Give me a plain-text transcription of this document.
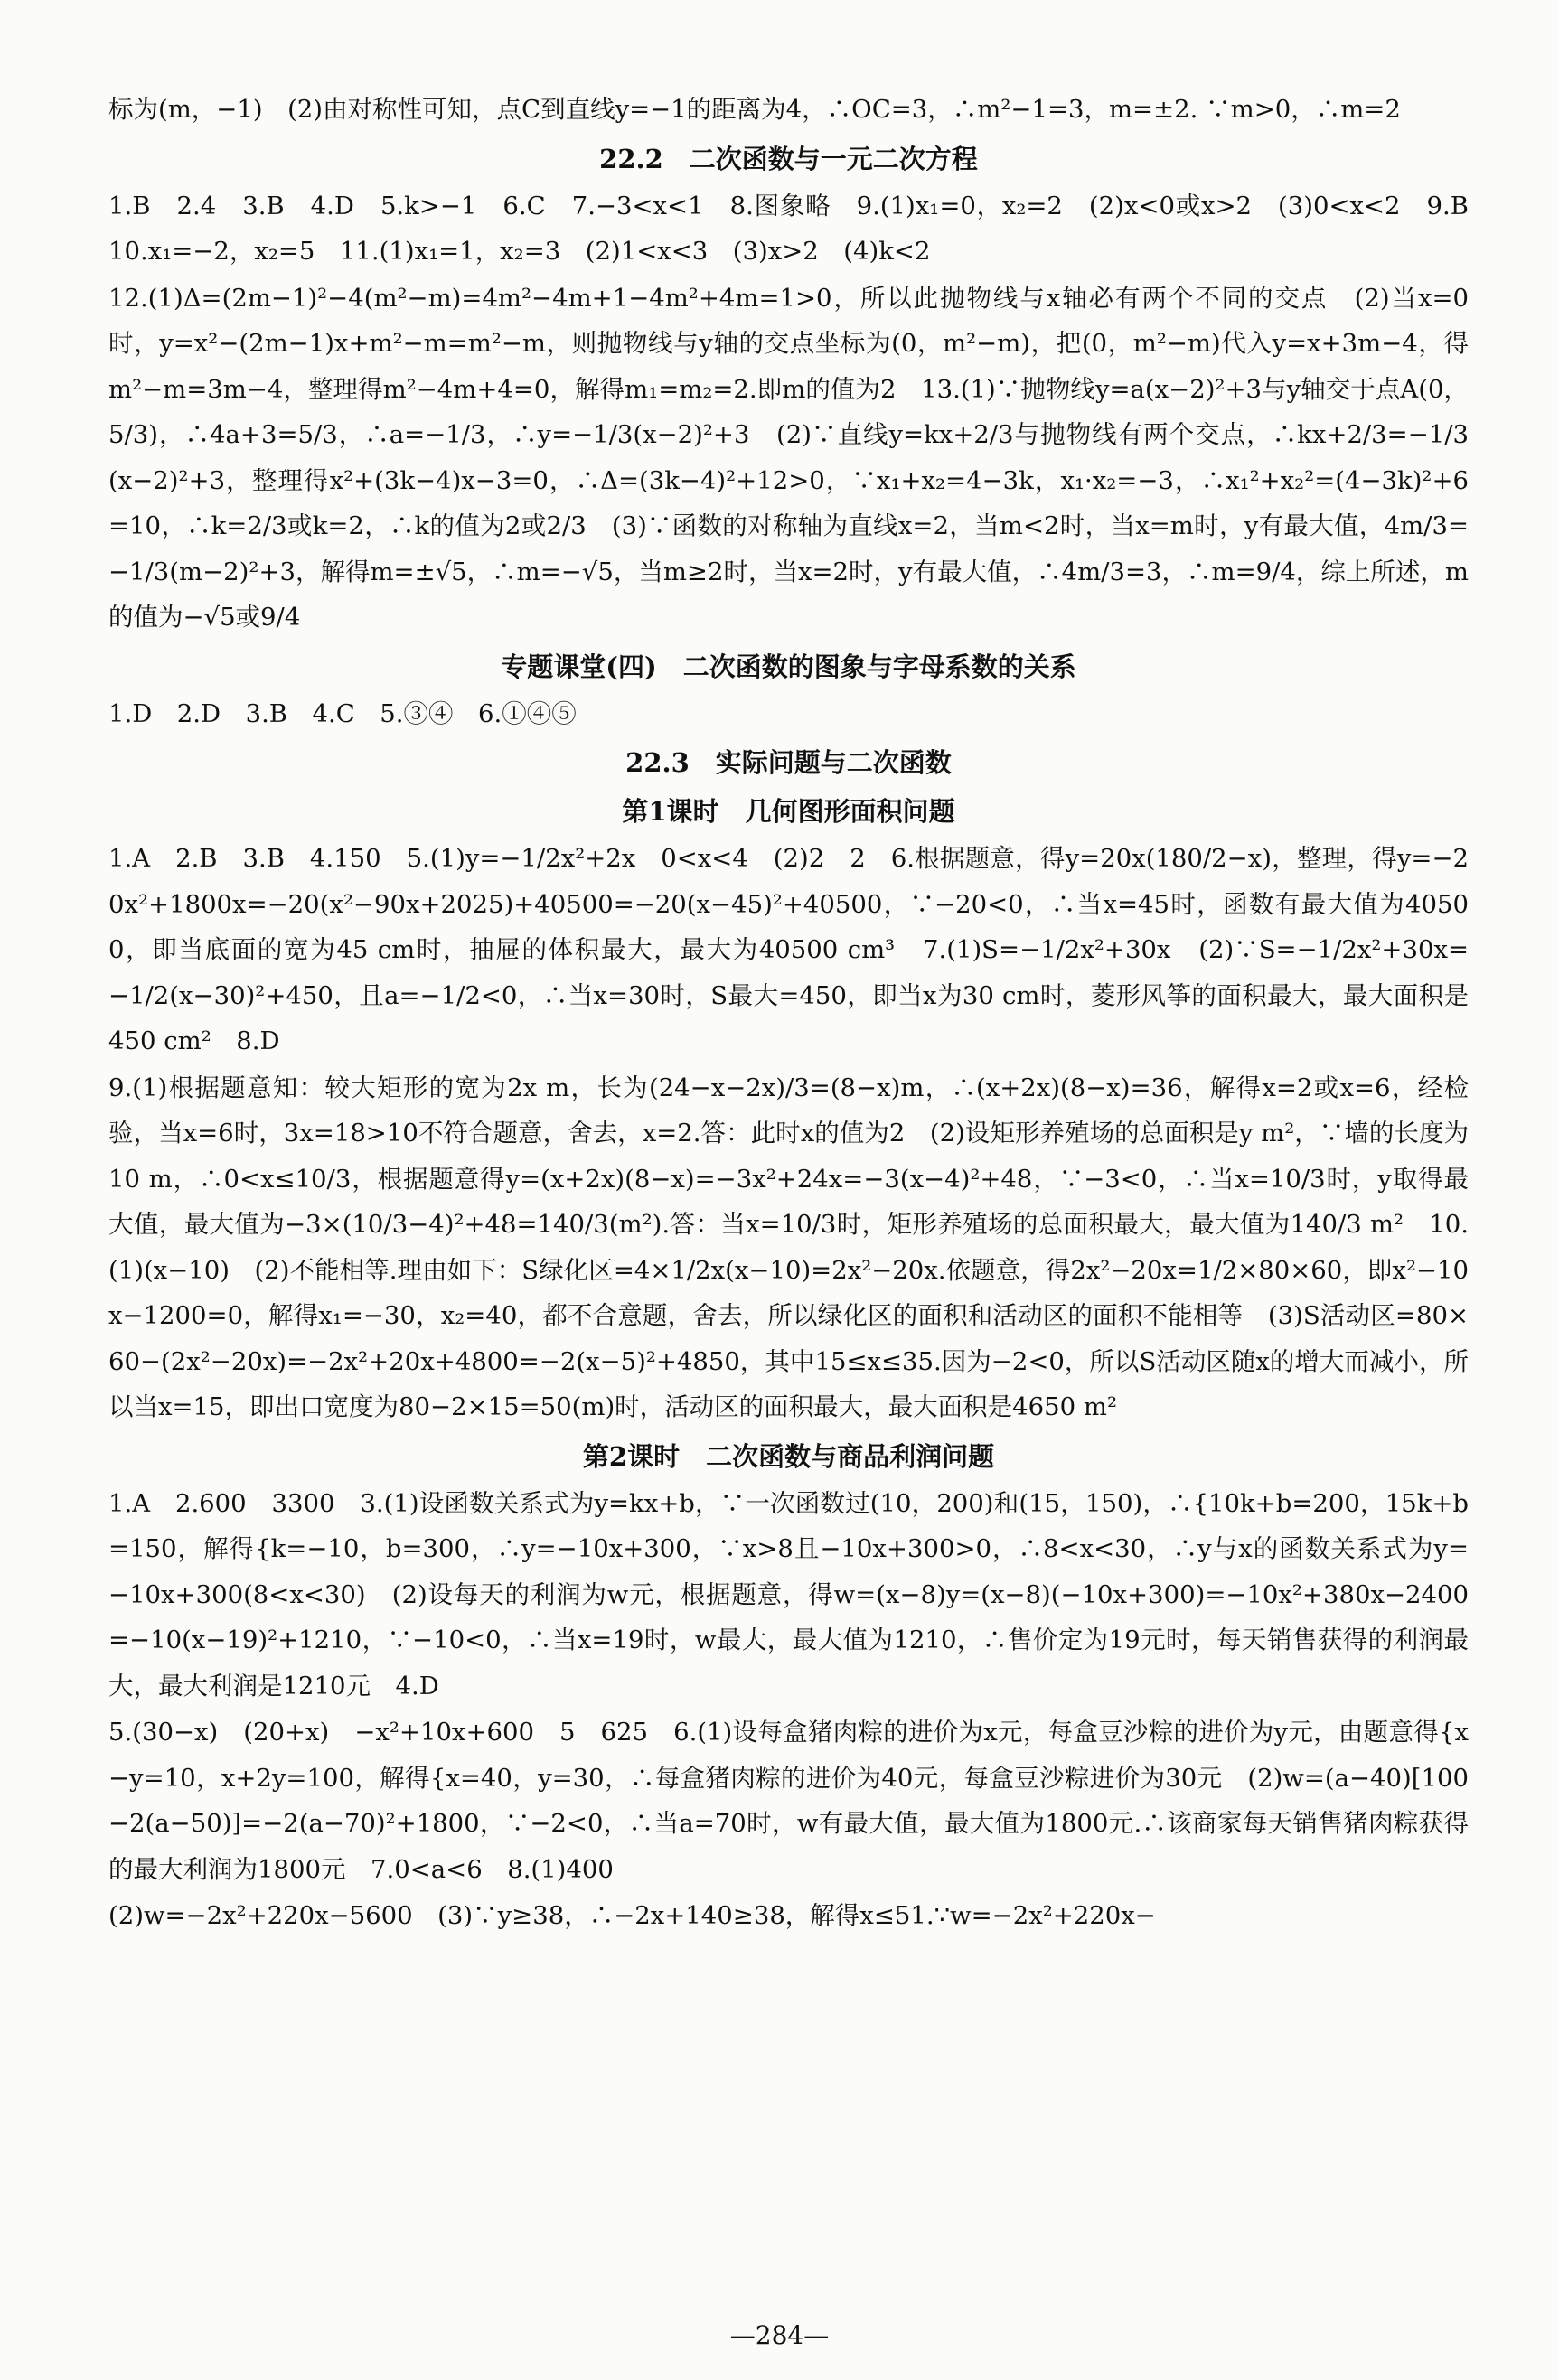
标为(m，−1)　(2)由对称性可知，点C到直线y=−1的距离为4，∴OC=3，∴m²−1=3，m=±2. ∵m>0，∴m=2

22.2　二次函数与一元二次方程

1.B　2.4　3.B　4.D　5.k>−1　6.C　7.−3<x<1　8.图象略　9.(1)x₁=0，x₂=2　(2)x<0或x>2　(3)0<x<2　9.B　10.x₁=−2，x₂=5　11.(1)x₁=1，x₂=3　(2)1<x<3　(3)x>2　(4)k<2

12.(1)Δ=(2m−1)²−4(m²−m)=4m²−4m+1−4m²+4m=1>0，所以此抛物线与x轴必有两个不同的交点　(2)当x=0时，y=x²−(2m−1)x+m²−m=m²−m，则抛物线与y轴的交点坐标为(0，m²−m)，把(0，m²−m)代入y=x+3m−4，得m²−m=3m−4，整理得m²−4m+4=0，解得m₁=m₂=2.即m的值为2　13.(1)∵抛物线y=a(x−2)²+3与y轴交于点A(0，5/3)，∴4a+3=5/3，∴a=−1/3，∴y=−1/3(x−2)²+3　(2)∵直线y=kx+2/3与抛物线有两个交点，∴kx+2/3=−1/3(x−2)²+3，整理得x²+(3k−4)x−3=0，∴Δ=(3k−4)²+12>0，∵x₁+x₂=4−3k，x₁·x₂=−3，∴x₁²+x₂²=(4−3k)²+6=10，∴k=2/3或k=2，∴k的值为2或2/3　(3)∵函数的对称轴为直线x=2，当m<2时，当x=m时，y有最大值，4m/3=−1/3(m−2)²+3，解得m=±√5，∴m=−√5，当m≥2时，当x=2时，y有最大值，∴4m/3=3，∴m=9/4，综上所述，m的值为−√5或9/4

专题课堂(四)　二次函数的图象与字母系数的关系

1.D　2.D　3.B　4.C　5.③④　6.①④⑤

22.3　实际问题与二次函数
第1课时　几何图形面积问题

1.A　2.B　3.B　4.150　5.(1)y=−1/2x²+2x　0<x<4　(2)2　2　6.根据题意，得y=20x(180/2−x)，整理，得y=−20x²+1800x=−20(x²−90x+2025)+40500=−20(x−45)²+40500，∵−20<0，∴当x=45时，函数有最大值为40500，即当底面的宽为45 cm时，抽屉的体积最大，最大为40500 cm³　7.(1)S=−1/2x²+30x　(2)∵S=−1/2x²+30x=−1/2(x−30)²+450，且a=−1/2<0，∴当x=30时，S最大=450，即当x为30 cm时，菱形风筝的面积最大，最大面积是450 cm²　8.D

9.(1)根据题意知：较大矩形的宽为2x m，长为(24−x−2x)/3=(8−x)m，∴(x+2x)(8−x)=36，解得x=2或x=6，经检验，当x=6时，3x=18>10不符合题意，舍去，x=2.答：此时x的值为2　(2)设矩形养殖场的总面积是y m²，∵墙的长度为10 m，∴0<x≤10/3，根据题意得y=(x+2x)(8−x)=−3x²+24x=−3(x−4)²+48，∵−3<0，∴当x=10/3时，y取得最大值，最大值为−3×(10/3−4)²+48=140/3(m²).答：当x=10/3时，矩形养殖场的总面积最大，最大值为140/3 m²　10.(1)(x−10)　(2)不能相等.理由如下：S绿化区=4×1/2x(x−10)=2x²−20x.依题意，得2x²−20x=1/2×80×60，即x²−10x−1200=0，解得x₁=−30，x₂=40，都不合意题，舍去，所以绿化区的面积和活动区的面积不能相等　(3)S活动区=80×60−(2x²−20x)=−2x²+20x+4800=−2(x−5)²+4850，其中15≤x≤35.因为−2<0，所以S活动区随x的增大而减小，所以当x=15，即出口宽度为80−2×15=50(m)时，活动区的面积最大，最大面积是4650 m²

第2课时　二次函数与商品利润问题

1.A　2.600　3300　3.(1)设函数关系式为y=kx+b，∵一次函数过(10，200)和(15，150)，∴{10k+b=200，15k+b=150，解得{k=−10，b=300，∴y=−10x+300，∵x>8且−10x+300>0，∴8<x<30，∴y与x的函数关系式为y=−10x+300(8<x<30)　(2)设每天的利润为w元，根据题意，得w=(x−8)y=(x−8)(−10x+300)=−10x²+380x−2400=−10(x−19)²+1210，∵−10<0，∴当x=19时，w最大，最大值为1210，∴售价定为19元时，每天销售获得的利润最大，最大利润是1210元　4.D

5.(30−x)　(20+x)　−x²+10x+600　5　625　6.(1)设每盒猪肉粽的进价为x元，每盒豆沙粽的进价为y元，由题意得{x−y=10，x+2y=100，解得{x=40，y=30，∴每盒猪肉粽的进价为40元，每盒豆沙粽进价为30元　(2)w=(a−40)[100−2(a−50)]=−2(a−70)²+1800，∵−2<0，∴当a=70时，w有最大值，最大值为1800元.∴该商家每天销售猪肉粽获得的最大利润为1800元　7.0<a<6　8.(1)400

(2)w=−2x²+220x−5600　(3)∵y≥38，∴−2x+140≥38，解得x≤51.∵w=−2x²+220x−

—284—
